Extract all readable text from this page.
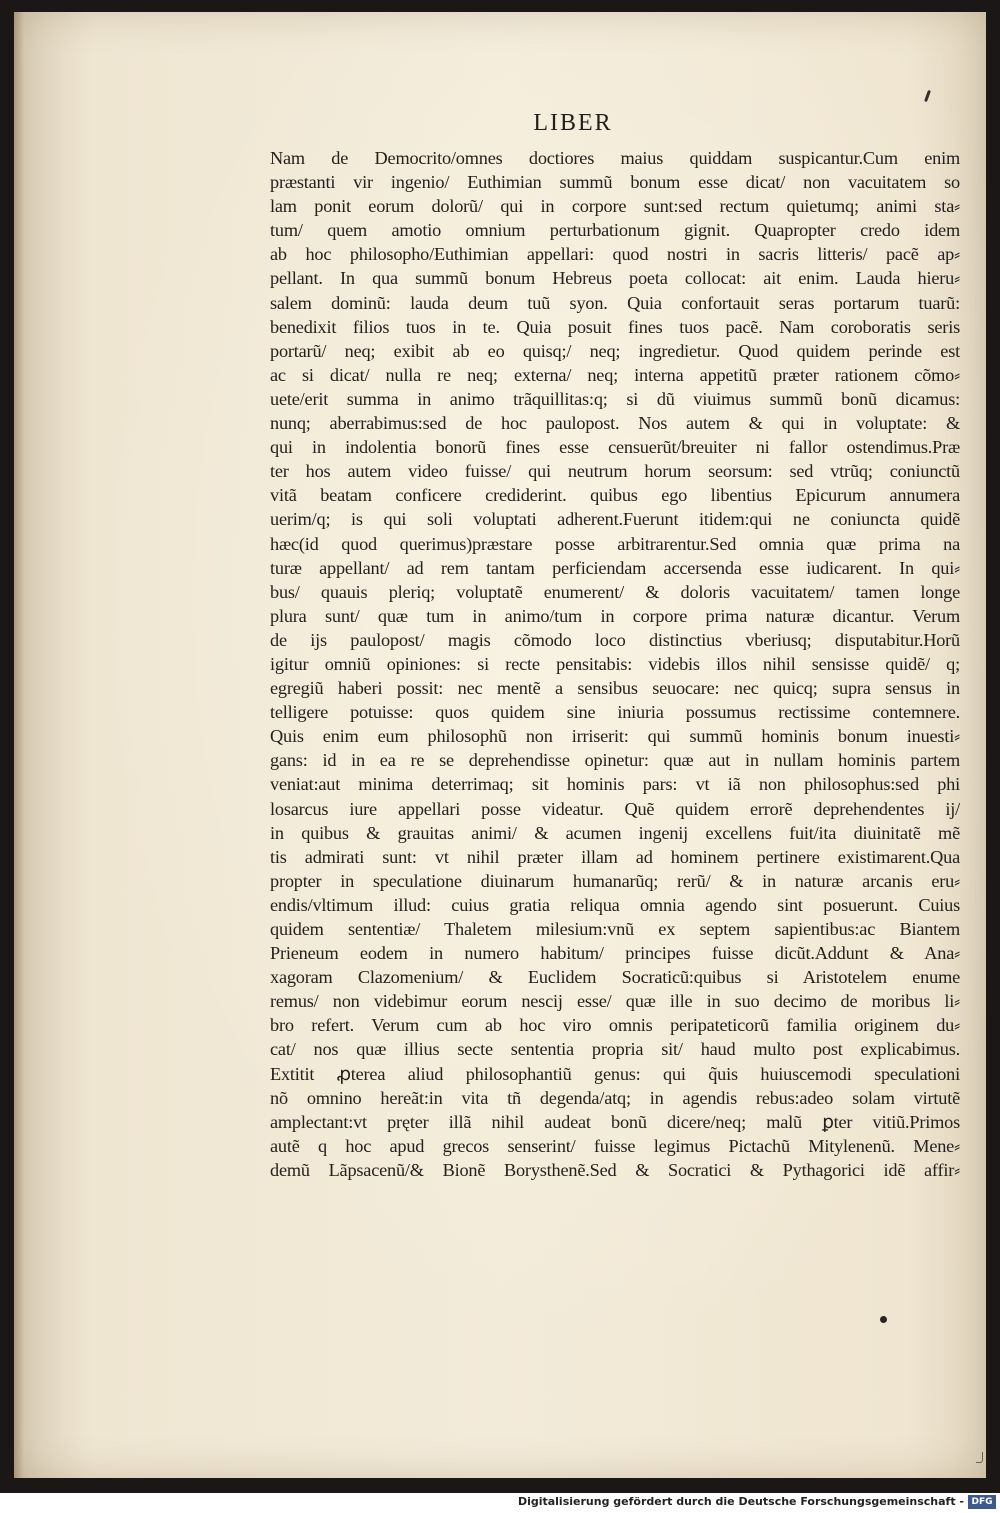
LIBER
Nam de Democrito/omnes doctiores maius quiddam suspicantur.Cum enim
præstanti vir ingenio/ Euthimian summũ bonum esse dicat/ non vacuitatem so
lam ponit eorum dolorũ/ qui in corpore sunt:sed rectum quietumq; animi sta⸗
tum/ quem amotio omnium perturbationum gignit. Quapropter credo idem
ab hoc philosopho/Euthimian appellari: quod nostri in sacris litteris/ pacẽ ap⸗
pellant. In qua summũ bonum Hebreus poeta collocat: ait enim. Lauda hieru⸗
salem dominũ: lauda deum tuũ syon. Quia confortauit seras portarum tuarũ:
benedixit filios tuos in te. Quia posuit fines tuos pacẽ. Nam coroboratis seris
portarũ/ neq; exibit ab eo quisq;/ neq; ingredietur. Quod quidem perinde est
ac si dicat/ nulla re neq; externa/ neq; interna appetitũ præter rationem cõmo⸗
uete/erit summa in animo trãquillitas:q; si dũ viuimus summũ bonũ dicamus:
nunq; aberrabimus:sed de hoc paulopost. Nos autem & qui in voluptate: &
qui in indolentia bonorũ fines esse censuerũt/breuiter ni fallor ostendimus.Præ
ter hos autem video fuisse/ qui neutrum horum seorsum: sed vtrũq; coniunctũ
vitã beatam conficere crediderint. quibus ego libentius Epicurum annumera
uerim/q; is qui soli voluptati adherent.Fuerunt itidem:qui ne coniuncta quidẽ
hæc(id quod querimus)præstare posse arbitrarentur.Sed omnia quæ prima na
turæ appellant/ ad rem tantam perficiendam accersenda esse iudicarent. In qui⸗
bus/ quauis pleriq; voluptatẽ enumerent/ & doloris vacuitatem/ tamen longe
plura sunt/ quæ tum in animo/tum in corpore prima naturæ dicantur. Verum
de ijs paulopost/ magis cõmodo loco distinctius vberiusq; disputabitur.Horũ
igitur omniũ opiniones: si recte pensitabis: videbis illos nihil sensisse quidẽ/ q;
egregiũ haberi possit: nec mentẽ a sensibus seuocare: nec quicq; supra sensus in
telligere potuisse: quos quidem sine iniuria possumus rectissime contemnere.
Quis enim eum philosophũ non irriserit: qui summũ hominis bonum inuesti⸗
gans: id in ea re se deprehendisse opinetur: quæ aut in nullam hominis partem
veniat:aut minima deterrimaq; sit hominis pars: vt iã non philosophus:sed phi
losarcus iure appellari posse videatur. Quẽ quidem errorẽ deprehendentes ij/
in quibus & grauitas animi/ & acumen ingenij excellens fuit/ita diuinitatẽ mẽ
tis admirati sunt: vt nihil præter illam ad hominem pertinere existimarent.Qua
propter in speculatione diuinarum humanarũq; rerũ/ & in naturæ arcanis eru⸗
endis/vltimum illud: cuius gratia reliqua omnia agendo sint posuerunt. Cuius
quidem sententiæ/ Thaletem milesium:vnũ ex septem sapientibus:ac Biantem
Prieneum eodem in numero habitum/ principes fuisse dicũt.Addunt & Ana⸗
xagoram Clazomenium/ & Euclidem Socraticũ:quibus si Aristotelem enume
remus/ non videbimur eorum nescij esse/ quæ ille in suo decimo de moribus li⸗
bro refert. Verum cum ab hoc viro omnis peripateticorũ familia originem du⸗
cat/ nos quæ illius secte sententia propria sit/ haud multo post explicabimus.
Extitit ꝓterea aliud philosophantiũ genus: qui q̃uis huiuscemodi speculationi
nõ omnino hereãt:in vita tñ degenda/atq; in agendis rebus:adeo solam virtutẽ
amplectant:vt pręter illã nihil audeat bonũ dicere/neq; malũ ꝑter vitiũ.Primos
autẽ q hoc apud grecos senserint/ fuisse legimus Pictachũ Mitylenenũ. Mene⸗
demũ Lãpsacenũ/& Bionẽ Borysthenẽ.Sed & Socratici & Pythagorici idẽ affir⸗
Digitalisierung gefördert durch die Deutsche Forschungsgemeinschaft - DFG
